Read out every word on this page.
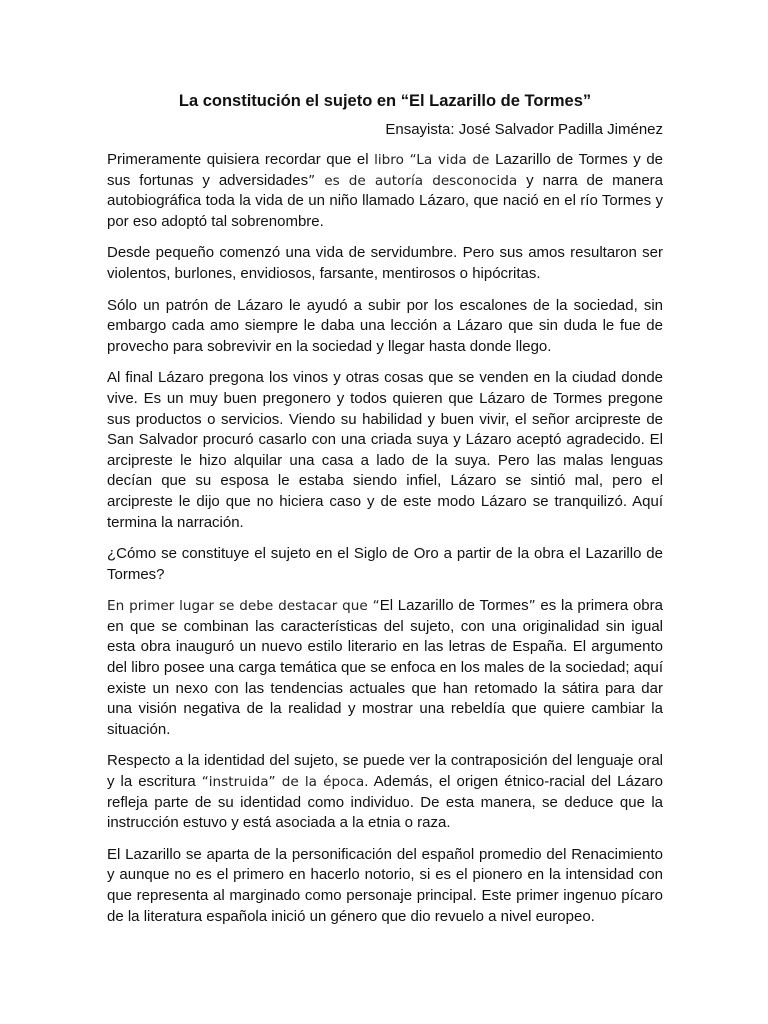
La constitución el sujeto en “El Lazarillo de Tormes”
Ensayista: José Salvador Padilla Jiménez

Primeramente quisiera recordar que el libro “La vida de Lazarillo de Tormes y de sus fortunas y adversidades” es de autoría desconocida y narra de manera autobiográfica toda la vida de un niño llamado Lázaro, que nació en el río Tormes y por eso adoptó tal sobrenombre.

Desde pequeño comenzó una vida de servidumbre. Pero sus amos resultaron ser violentos, burlones, envidiosos, farsante, mentirosos o hipócritas.

Sólo un patrón de Lázaro le ayudó a subir por los escalones de la sociedad, sin embargo cada amo siempre le daba una lección a Lázaro que sin duda le fue de provecho para sobrevivir en la sociedad y llegar hasta donde llego.

Al final Lázaro pregona los vinos y otras cosas que se venden en la ciudad donde vive. Es un muy buen pregonero y todos quieren que Lázaro de Tormes pregone sus productos o servicios. Viendo su habilidad y buen vivir, el señor arcipreste de San Salvador procuró casarlo con una criada suya y Lázaro aceptó agradecido. El arcipreste le hizo alquilar una casa a lado de la suya. Pero las malas lenguas decían que su esposa le estaba siendo infiel, Lázaro se sintió mal, pero el arcipreste le dijo que no hiciera caso y de este modo Lázaro se tranquilizó. Aquí termina la narración.

¿Cómo se constituye el sujeto en el Siglo de Oro a partir de la obra el Lazarillo de Tormes?

En primer lugar se debe destacar que “El Lazarillo de Tormes” es la primera obra en que se combinan las características del sujeto, con una originalidad sin igual esta obra inauguró un nuevo estilo literario en las letras de España. El argumento del libro posee una carga temática que se enfoca en los males de la sociedad; aquí existe un nexo con las tendencias actuales que han retomado la sátira para dar una visión negativa de la realidad y mostrar una rebeldía que quiere cambiar la situación.

Respecto a la identidad del sujeto, se puede ver la contraposición del lenguaje oral y la escritura “instruida” de la época. Además, el origen étnico-racial del Lázaro refleja parte de su identidad como individuo. De esta manera, se deduce que la instrucción estuvo y está asociada a la etnia o raza.

El Lazarillo se aparta de la personificación del español promedio del Renacimiento y aunque no es el primero en hacerlo notorio, si es el pionero en la intensidad con que representa al marginado como personaje principal. Este primer ingenuo pícaro de la literatura española inició un género que dio revuelo a nivel europeo.
